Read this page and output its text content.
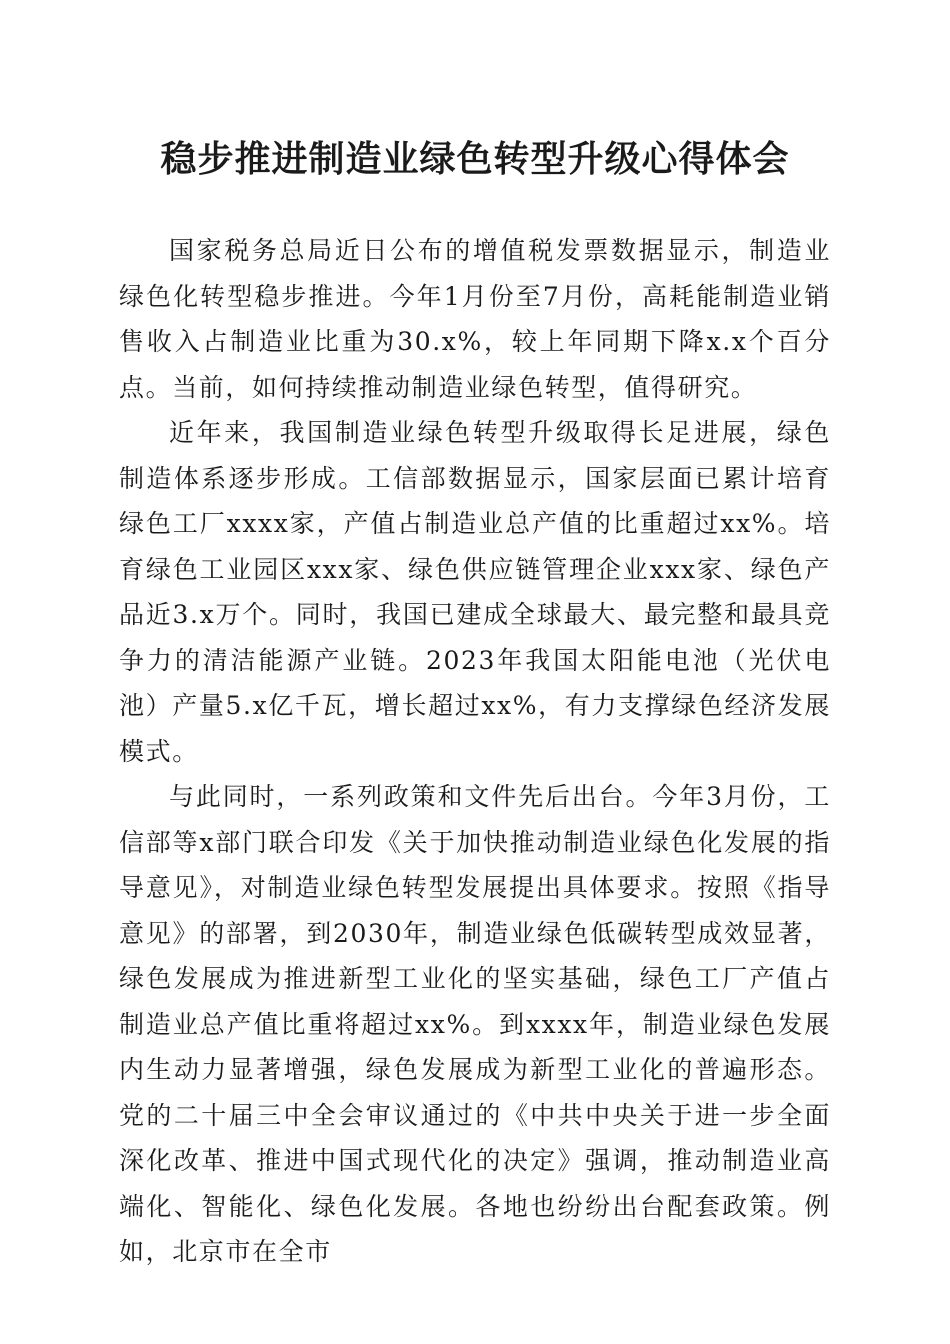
稳步推进制造业绿色转型升级心得体会

国家税务总局近日公布的增值税发票数据显示，制造业绿色化转型稳步推进。今年1月份至7月份，高耗能制造业销售收入占制造业比重为30.x%，较上年同期下降x.x个百分点。当前，如何持续推动制造业绿色转型，值得研究。

近年来，我国制造业绿色转型升级取得长足进展，绿色制造体系逐步形成。工信部数据显示，国家层面已累计培育绿色工厂xxxx家，产值占制造业总产值的比重超过xx%。培育绿色工业园区xxx家、绿色供应链管理企业xxx家、绿色产品近3.x万个。同时，我国已建成全球最大、最完整和最具竞争力的清洁能源产业链。2023年我国太阳能电池（光伏电池）产量5.x亿千瓦，增长超过xx%，有力支撑绿色经济发展模式。

与此同时，一系列政策和文件先后出台。今年3月份，工信部等x部门联合印发《关于加快推动制造业绿色化发展的指导意见》，对制造业绿色转型发展提出具体要求。按照《指导意见》的部署，到2030年，制造业绿色低碳转型成效显著，绿色发展成为推进新型工业化的坚实基础，绿色工厂产值占制造业总产值比重将超过xx%。到xxxx年，制造业绿色发展内生动力显著增强，绿色发展成为新型工业化的普遍形态。党的二十届三中全会审议通过的《中共中央关于进一步全面深化改革、推进中国式现代化的决定》强调，推动制造业高端化、智能化、绿色化发展。各地也纷纷出台配套政策。例如，北京市在全市
